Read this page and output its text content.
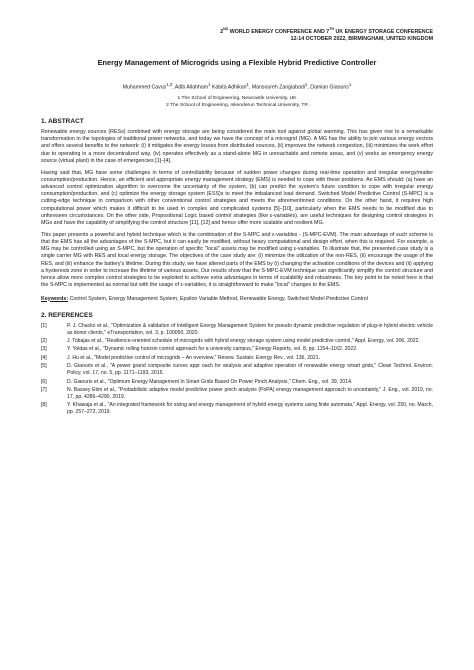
2ND WORLD ENERGY CONFERENCE AND 7TH UK ENERGY STORAGE CONFERENCE
12-14 OCTOBER 2022, BIRMINGHAM, UNITED KINGDOM
Energy Management of Microgrids using a Flexible Hybrid Predictive Controller
Muhammed Cavus$^{1,2}$, Adib Allahham$^1$ Kabita Adhikari$^1$, Mansoureh Zangiabadi$^1$, Damian Giaouris$^1$
1 The School of Engineering, Newcastle University, UK
2 The School of Engineering, Iskenderun Technical University, TR
1. ABSTRACT
Renewable energy sources (RESs) combined with energy storage are being considered the main tool against global warming. This has given rise to a remarkable transformation in the topologies of traditional power networks, and today we have the concept of a microgrid (MG). A MG has the ability to join various energy vectors and offers several benefits to the network: (i) it mitigates the energy losses from distributed sources, (ii) improves the network congestion, (iii) minimizes the work effort due to operating in a more decentralized way, (iv) operates effectively as a stand-alone MG in unreachable and remote areas, and (v) works as emergency energy source (virtual plant) in the case of emergencies [1]–[4].
Having said that, MG have some challenges in terms of controllability because of sudden power changes during real-time operation and irregular energy/matter consumption/production. Hence, an efficient and appropriate energy management strategy (EMS) is needed to cope with these problems. An EMS should: (a) have an advanced control optimization algorithm to overcome the uncertainty of the system, (b) can predict the system's future condition to cope with irregular energy consumption/production, and (c) optimize the energy storage system (ESS)s to meet the imbalanced load demand. Switched Model Predictive Control (S-MPC) is a cutting-edge technique in comparison with other conventional control strategies and meets the aforementioned conditions. On the other hand, it requires high computational power which makes it difficult to be used in complex and complicated systems [5]–[10], particularly when the EMS needs to be modified due to unforeseen circumstances. On the other side, Propositional Logic based control strategies (like ε-variables), are useful techniques for designing control strategies in MGs and have the capability of simplifying the control structure [11], [12] and hence offer more scalable and resilient MG.
This paper presents a powerful and hybrid technique which is the combination of the S-MPC and ε-variables - (S-MPC-EVM). The main advantage of such scheme is that the EMS has all the advantages of the S-MPC, but it can easily be modified, without heavy computational and design effort, when this is required. For example, a MG may be controlled using an S-MPC, but the operation of specific "local" assets may be modified using ε-variables. To illustrate that, the presented case study is a single carrier MG with RES and local energy storage. The objectives of the case study are: (i) minimize the utilization of the non-RES, (ii) encourage the usage of the RES, and (iii) enhance the battery's lifetime. During this study, we have altered parts of the EMS by (i) changing the activation conditions of the devices and (ii) applying a hysteresis zone in order to increase the lifetime of various assets. Our results show that the S-MPC-EVM technique can significantly simplify the control structure and hence allow more complex control strategies to be exploited to achieve extra advantages in terms of scalability and robustness. The key point to be noted here is that the S-MPC is implemented as normal but with the usage of ε-variables, it is straightforward to make "local" changes to the EMS.
Keywords: Control System, Energy Management System, Epsilon Variable Method, Renewable Energy, Switched Model Predictive Control
2. REFERENCES
[1]	P. J. Chacko et al., "Optimization & validation of Intelligent Energy Management System for pseudo dynamic predictive regulation of plug-in hybrid electric vehicle as donor clients," eTransportation, vol. 3, p. 100050, 2020.
[2]	J. Tobajas et al., "Resilience-oriented schedule of microgrids with hybrid energy storage system using model predictive control," Appl. Energy, vol. 306, 2022.
[3]	Y. Yoldas et al., "Dynamic rolling horizon control approach for a university campus," Energy Reports, vol. 8, pp. 1154–1162, 2022.
[4]	J. Hu et al., "Model predictive control of microgrids – An overview," Renew. Sustain. Energy Rev., vol. 136, 2021.
[5]	D. Giaouris et al., "A power grand composite curves appr oach for analysis and adaptive operation of renewable energy smart grids," Clean Technol. Environ. Policy, vol. 17, no. 5, pp. 1171–1193, 2015.
[6]	D. Giaouris et al., "Optimum Energy Management In Smart Grids Based On Power Pinch Analysis," Chem. Eng., vol. 39, 2014.
[7]	N. Bassey Etim et al., "Probabilistic adaptive model predictive power pinch analysis (PoPA) energy management approach to uncertainty," J. Eng., vol. 2019, no. 17, pp. 4286–4290, 2019.
[8]	Y. Khawaja et al., "An integrated framework for sizing and energy management of hybrid energy systems using finite automata," Appl. Energy, vol. 250, no. March, pp. 257–272, 2019.
